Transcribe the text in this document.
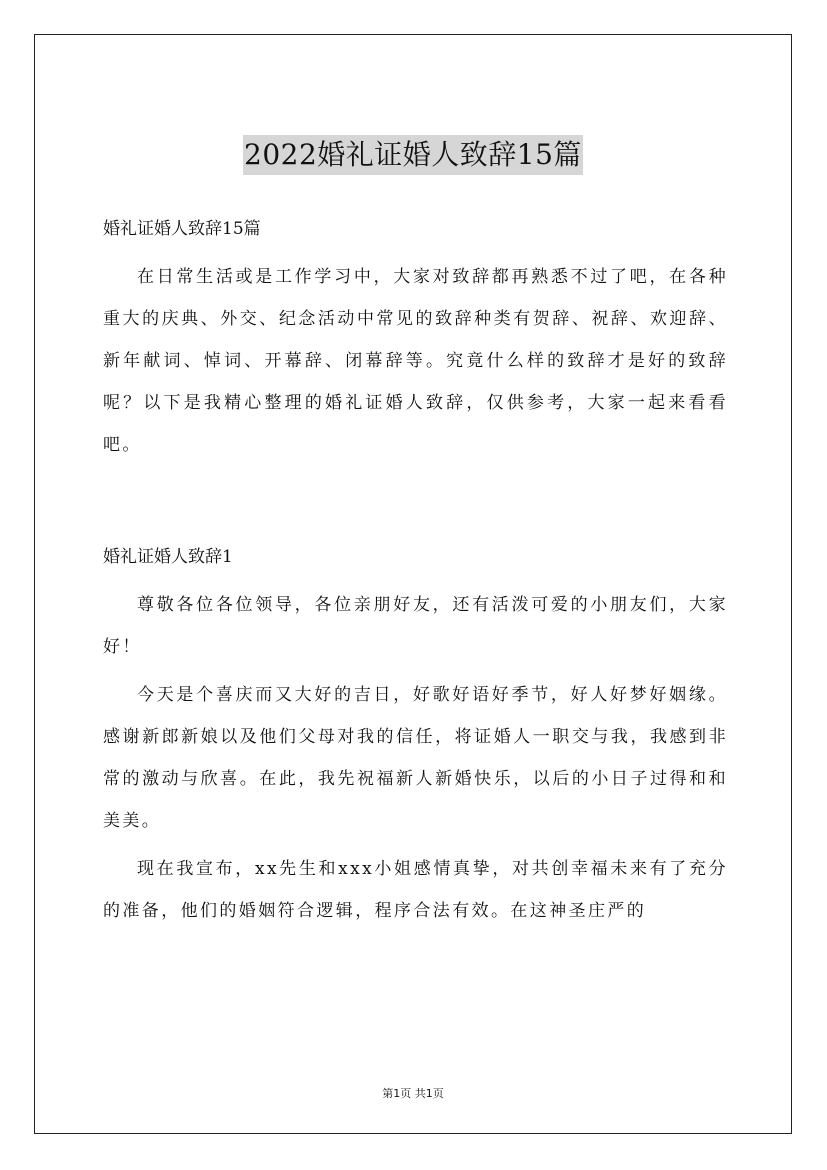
2022婚礼证婚人致辞15篇

婚礼证婚人致辞15篇

在日常生活或是工作学习中，大家对致辞都再熟悉不过了吧，在各种重大的庆典、外交、纪念活动中常见的致辞种类有贺辞、祝辞、欢迎辞、新年献词、悼词、开幕辞、闭幕辞等。究竟什么样的致辞才是好的致辞呢？以下是我精心整理的婚礼证婚人致辞，仅供参考，大家一起来看看吧。

婚礼证婚人致辞1

尊敬各位各位领导，各位亲朋好友，还有活泼可爱的小朋友们，大家好！

今天是个喜庆而又大好的吉日，好歌好语好季节，好人好梦好姻缘。感谢新郎新娘以及他们父母对我的信任，将证婚人一职交与我，我感到非常的激动与欣喜。在此，我先祝福新人新婚快乐，以后的小日子过得和和美美。

现在我宣布，xx先生和xxx小姐感情真挚，对共创幸福未来有了充分的准备，他们的婚姻符合逻辑，程序合法有效。在这神圣庄严的

第1页 共1页
